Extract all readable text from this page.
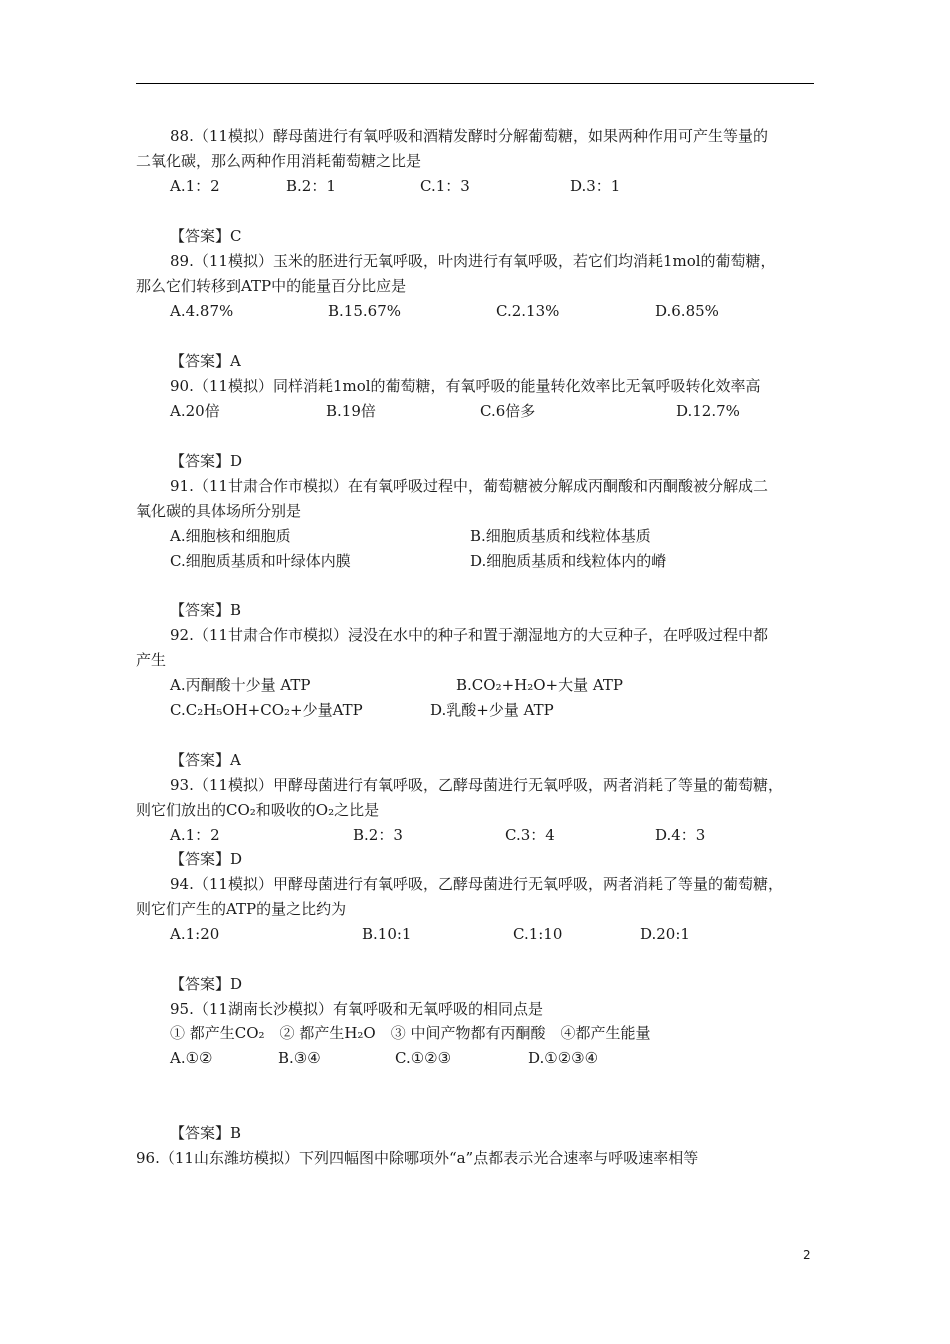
88.（11模拟）酵母菌进行有氧呼吸和酒精发酵时分解葡萄糖，如果两种作用可产生等量的
二氧化碳，那么两种作用消耗葡萄糖之比是
A.1：2	B.2：1	C.1：3	D.3：1
【答案】C
89.（11模拟）玉米的胚进行无氧呼吸，叶肉进行有氧呼吸，若它们均消耗1mol的葡萄糖，
那么它们转移到ATP中的能量百分比应是
A.4.87%	B.15.67%	C.2.13%	D.6.85%
【答案】A
90.（11模拟）同样消耗1mol的葡萄糖，有氧呼吸的能量转化效率比无氧呼吸转化效率高
A.20倍	B.19倍	C.6倍多	D.12.7%
【答案】D
91.（11甘肃合作市模拟）在有氧呼吸过程中，葡萄糖被分解成丙酮酸和丙酮酸被分解成二
氧化碳的具体场所分别是
A.细胞核和细胞质	B.细胞质基质和线粒体基质
C.细胞质基质和叶绿体内膜	D.细胞质基质和线粒体内的嵴
【答案】B
92.（11甘肃合作市模拟）浸没在水中的种子和置于潮湿地方的大豆种子，在呼吸过程中都
产生
A.丙酮酸十少量 ATP	B.CO₂+H₂O+大量 ATP
C.C₂H₅OH+CO₂+少量ATP	D.乳酸+少量 ATP
【答案】A
93.（11模拟）甲酵母菌进行有氧呼吸，乙酵母菌进行无氧呼吸，两者消耗了等量的葡萄糖，
则它们放出的CO₂和吸收的O₂之比是
A.1：2	B.2：3	C.3：4	D.4：3
【答案】D
94.（11模拟）甲酵母菌进行有氧呼吸，乙酵母菌进行无氧呼吸，两者消耗了等量的葡萄糖，
则它们产生的ATP的量之比约为
A.1:20	B.10:1	C.1:10	D.20:1
【答案】D
95.（11湖南长沙模拟）有氧呼吸和无氧呼吸的相同点是
① 都产生CO₂　② 都产生H₂O　③ 中间产物都有丙酮酸　④都产生能量
A.①②	B.③④	C.①②③	D.①②③④
【答案】B
96.（11山东潍坊模拟）下列四幅图中除哪项外“a”点都表示光合速率与呼吸速率相等
2
